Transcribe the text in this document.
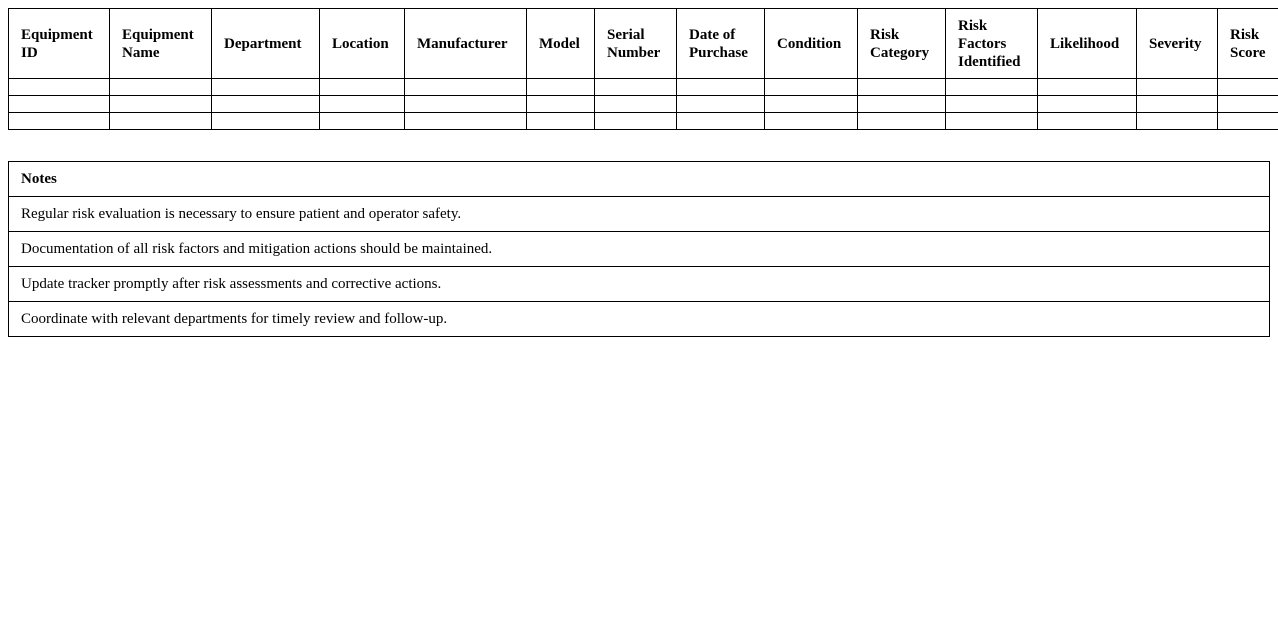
Equipment ID	Equipment Name	Department	Location	Manufacturer	Model	Serial Number	Date of Purchase	Condition	Risk Category	Risk Factors Identified	Likelihood	Severity	Risk Score

Notes
Regular risk evaluation is necessary to ensure patient and operator safety.
Documentation of all risk factors and mitigation actions should be maintained.
Update tracker promptly after risk assessments and corrective actions.
Coordinate with relevant departments for timely review and follow-up.
